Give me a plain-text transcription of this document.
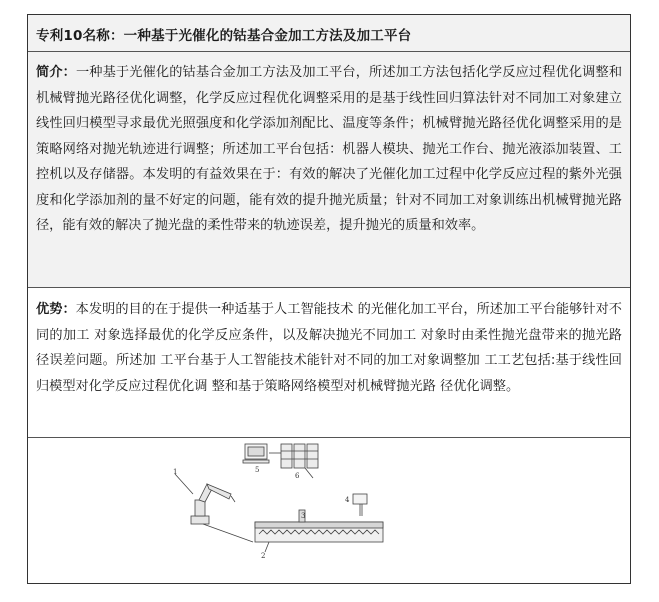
专利10名称：一种基于光催化的钴基合金加工方法及加工平台

简介：一种基于光催化的钴基合金加工方法及加工平台，所述加工方法包括化学反应过程优化调整和机械臂抛光路径优化调整，化学反应过程优化调整采用的是基于线性回归算法针对不同加工对象建立线性回归模型寻求最优光照强度和化学添加剂配比、温度等条件；机械臂抛光路径优化调整采用的是策略网络对抛光轨迹进行调整；所述加工平台包括：机器人模块、抛光工作台、抛光液添加装置、工控机以及存储器。本发明的有益效果在于：有效的解决了光催化加工过程中化学反应过程的紫外光强度和化学添加剂的量不好定的问题，能有效的提升抛光质量；针对不同加工对象训练出机械臂抛光路径，能有效的解决了抛光盘的柔性带来的轨迹误差，提升抛光的质量和效率。

优势：本发明的目的在于提供一种适基于人工智能技术 的光催化加工平台，所述加工平台能够针对不同的加工 对象选择最优的化学反应条件，以及解决抛光不同加工 对象时由柔性抛光盘带来的抛光路径误差问题。所述加 工平台基于人工智能技术能针对不同的加工对象调整加 工工艺包括:基于线性回归模型对化学反应过程优化调 整和基于策略网络模型对机械臂抛光路 径优化调整。

1
2
3
4
5
6
